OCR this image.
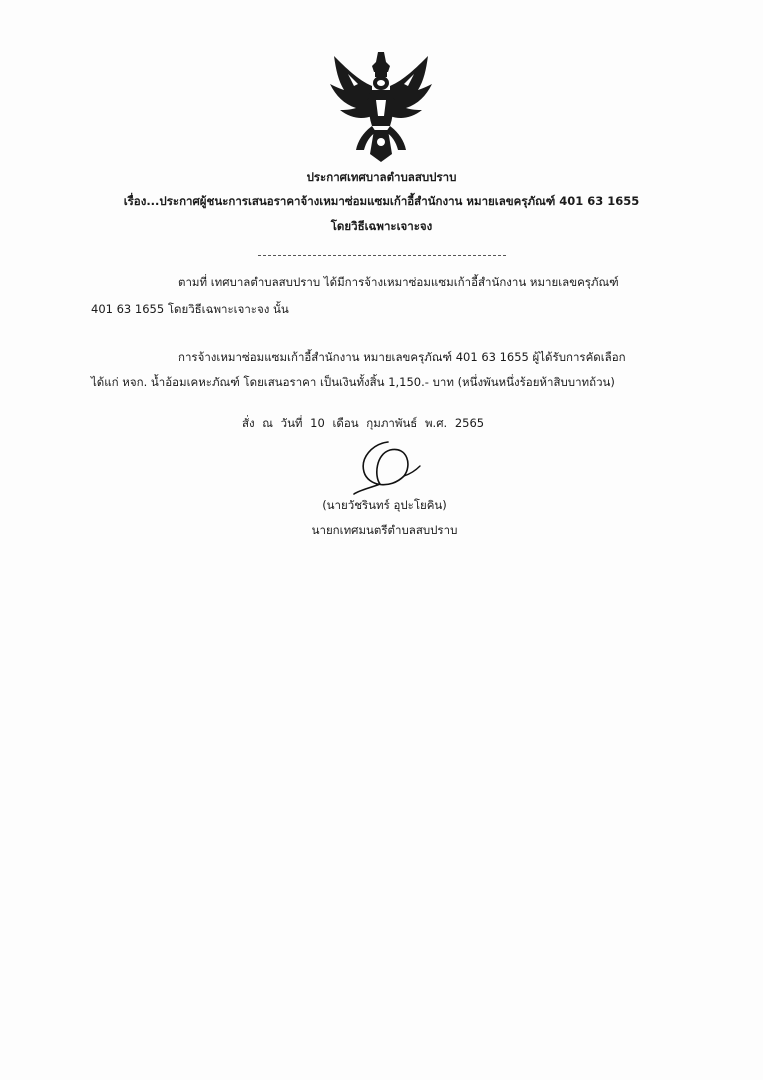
ประกาศเทศบาลตำบลสบปราบ
เรื่อง...ประกาศผู้ชนะการเสนอราคาจ้างเหมาซ่อมแซมเก้าอี้สำนักงาน หมายเลขครุภัณฑ์ 401 63 1655
โดยวิธีเฉพาะเจาะจง
ตามที่ เทศบาลตำบลสบปราบ ได้มีการจ้างเหมาซ่อมแซมเก้าอี้สำนักงาน หมายเลขครุภัณฑ์
401 63 1655 โดยวิธีเฉพาะเจาะจง นั้น
การจ้างเหมาซ่อมแซมเก้าอี้สำนักงาน หมายเลขครุภัณฑ์ 401 63 1655 ผู้ได้รับการคัดเลือก
ได้แก่ หจก. น้ำอ้อมเคหะภัณฑ์ โดยเสนอราคา เป็นเงินทั้งสิ้น 1,150.- บาท (หนึ่งพันหนึ่งร้อยห้าสิบบาทถ้วน)
สั่ง ณ วันที่ 10 เดือน กุมภาพันธ์ พ.ศ. 2565
(นายวัชรินทร์ อุปะโยคิน)
นายกเทศมนตรีตำบลสบปราบ
